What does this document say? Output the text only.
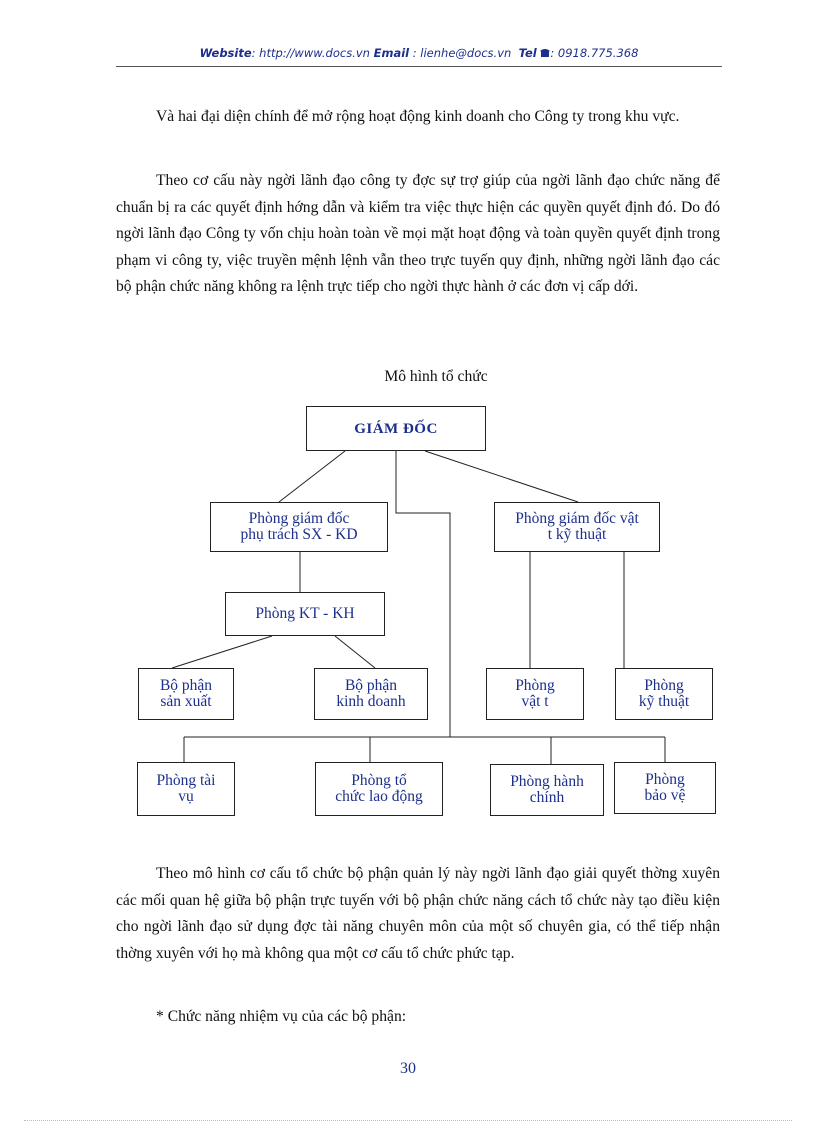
Website: http://www.docs.vn Email : lienhe@docs.vn Tel : 0918.775.368

Và hai đại diện chính để mở rộng hoạt động kinh doanh cho Công ty trong khu vực.

Theo cơ cấu này ngời lãnh đạo công ty đợc sự trợ giúp của ngời lãnh đạo chức năng để chuẩn bị ra các quyết định hớng dẫn và kiểm tra việc thực hiện các quyền quyết định đó. Do đó ngời lãnh đạo Công ty vốn chịu hoàn toàn về mọi mặt hoạt động và toàn quyền quyết định trong phạm vi công ty, việc truyền mệnh lệnh vẫn theo trực tuyến quy định, những ngời lãnh đạo các bộ phận chức năng không ra lệnh trực tiếp cho ngời thực hành ở các đơn vị cấp dới.

Mô hình tổ chức
GIÁM ĐỐC
Phòng giám đốc
phụ trách SX - KD
Phòng giám đốc vật
t kỹ thuật
Phòng KT - KH
Bộ phận
sản xuất
Bộ phận
kinh doanh
Phòng
vật t
Phòng
kỹ thuật
Phòng tài
vụ
Phòng tổ
chức lao động
Phòng hành
chính
Phòng
bảo vệ

Theo mô hình cơ cấu tổ chức bộ phận quản lý này ngời lãnh đạo giải quyết thờng xuyên các mối quan hệ giữa bộ phận trực tuyến với bộ phận chức năng cách tổ chức này tạo điều kiện cho ngời lãnh đạo sử dụng đợc tài năng chuyên môn của một số chuyên gia, có thể tiếp nhận thờng xuyên với họ mà không qua một cơ cấu tổ chức phức tạp.

* Chức năng nhiệm vụ của các bộ phận:

30
